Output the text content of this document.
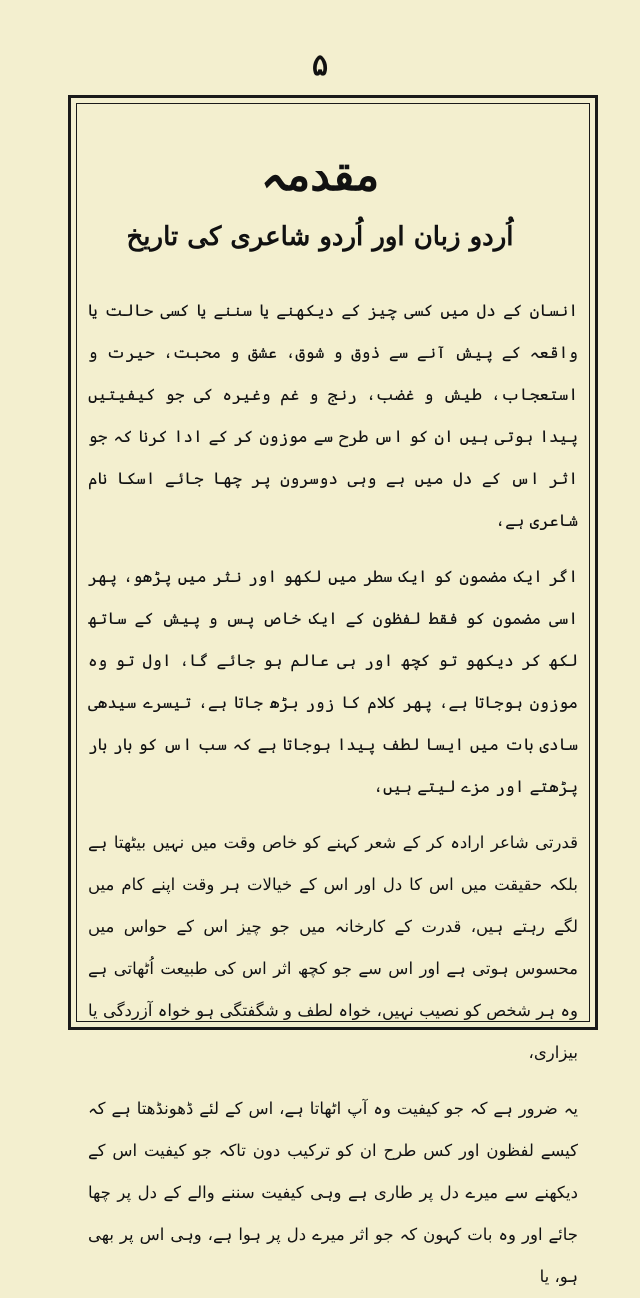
۵
مقدمہ
اُردو زبان اور اُردو شاعری کی تاریخ

انسان کے دل میں کسی چیز کے دیکھنے یا سننے یا کسی حالت یا واقعہ کے پیش آنے سے ذوق و شوق، عشق و محبت، حیرت و استعجاب، طیش و غضب، رنج و غم وغیرہ کی جو کیفیتیں پیدا ہوتی ہیں ان کو اس طرح سے موزون کر کے ادا کرنا کہ جو اثر اس کے دل میں ہے وہی دوسرون پر چھا جائے اسکا نام شاعری ہے،

اگر ایک مضمون کو ایک سطر میں لکھو اور نثر میں پڑھو، پھر اسی مضمون کو فقط لفظون کے ایک خاص پس و پیش کے ساتھ لکھ کر دیکھو تو کچھ اور ہی عالم ہو جائے گا، اول تو وہ موزون ہوجاتا ہے، پھر کلام کا زور بڑھ جاتا ہے، تیسرے سیدھی سادی بات میں ایسا لطف پیدا ہوجاتا ہے کہ سب اس کو بار بار پڑھتے اور مزے لیتے ہیں،

قدرتی شاعر ارادہ کر کے شعر کہنے کو خاص وقت میں نہیں بیٹھتا ہے بلکہ حقیقت میں اس کا دل اور اس کے خیالات ہر وقت اپنے کام میں لگے رہتے ہیں، قدرت کے کارخانہ میں جو چیز اس کے حواس میں محسوس ہوتی ہے اور اس سے جو کچھ اثر اس کی طبیعت اُٹھاتی ہے وہ ہر شخص کو نصیب نہیں، خواہ لطف و شگفتگی ہو خواہ آزردگی یا بیزاری،

یہ ضرور ہے کہ جو کیفیت وہ آپ اٹھاتا ہے، اس کے لئے ڈھونڈھتا ہے کہ کیسے لفظون اور کس طرح ان کو ترکیب دون تاکہ جو کیفیت اس کے دیکھنے سے میرے دل پر طاری ہے وہی کیفیت سننے والے کے دل پر چھا جائے اور وہ بات کہون کہ جو اثر میرے دل پر ہوا ہے، وہی اس پر بھی ہو، یا
